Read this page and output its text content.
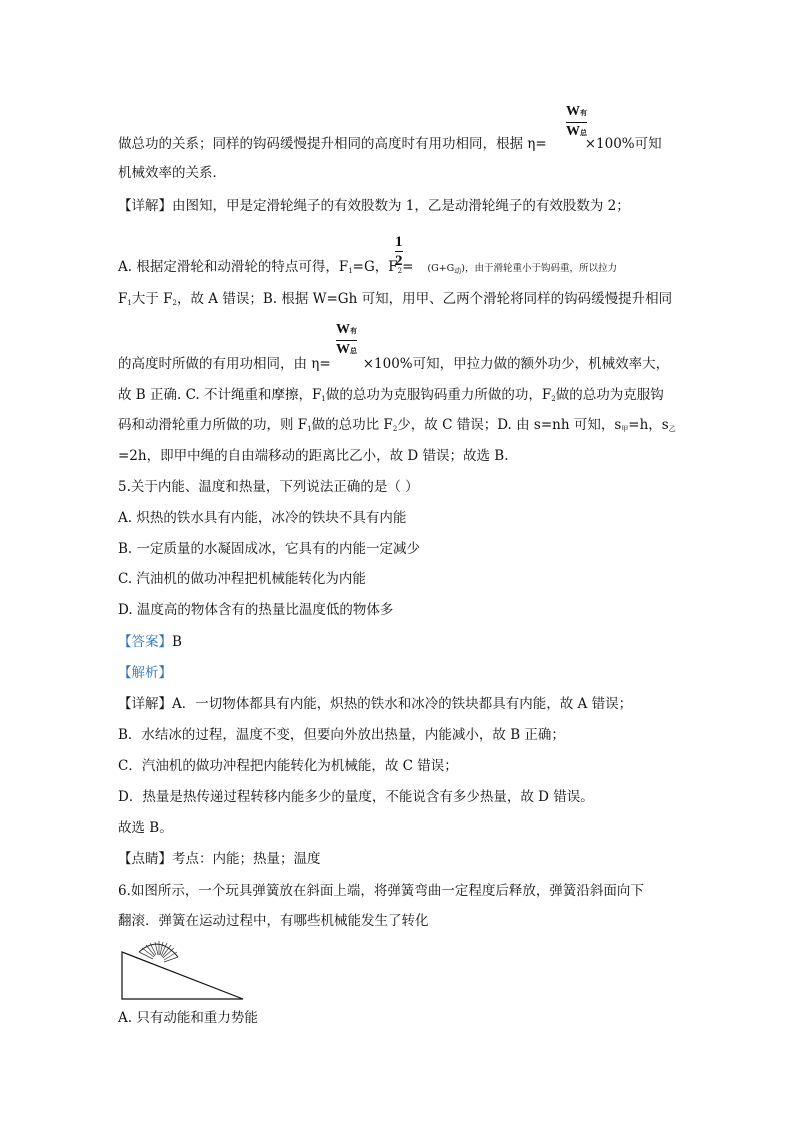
W有
W总
做总功的关系；同样的钩码缓慢提升相同的高度时有用功相同，根据 η=	×100%可知
机械效率的关系．
【详解】由图知，甲是定滑轮绳子的有效股数为 1，乙是动滑轮绳子的有效股数为 2；
1
2
A. 根据定滑轮和动滑轮的特点可得，$F_1=G$，$F_2= (G+G_动)$，由于滑轮重小于钩码重，所以拉力
$F_1$大于 $F_2$，故 A 错误；B. 根据 W=Gh 可知，用甲、乙两个滑轮将同样的钩码缓慢提升相同
W有
W总
的高度时所做的有用功相同，由 η= ×100%可知，甲拉力做的额外功少，机械效率大，
故 B 正确. C. 不计绳重和摩擦，$F_1$做的总功为克服钩码重力所做的功，$F_2$做的总功为克服钩
码和动滑轮重力所做的功，则 $F_1$做的总功比 $F_2$少，故 C 错误；D. 由 s=nh 可知，$s_甲=h$，$s_乙$
=2h，即甲中绳的自由端移动的距离比乙小，故 D 错误；故选 B.
5.关于内能、温度和热量，下列说法正确的是（ ）
A. 炽热的铁水具有内能，冰冷的铁块不具有内能
B. 一定质量的水凝固成冰，它具有的内能一定减少
C. 汽油机的做功冲程把机械能转化为内能
D. 温度高的物体含有的热量比温度低的物体多
【答案】B
【解析】
【详解】A．一切物体都具有内能，炽热的铁水和冰冷的铁块都具有内能，故 A 错误；
B．水结冰的过程，温度不变，但要向外放出热量，内能减小，故 B 正确；
C．汽油机的做功冲程把内能转化为机械能，故 C 错误；
D．热量是热传递过程转移内能多少的量度，不能说含有多少热量，故 D 错误。
故选 B。
【点睛】考点：内能；热量；温度
6.如图所示，一个玩具弹簧放在斜面上端，将弹簧弯曲一定程度后释放，弹簧沿斜面向下
翻滚．弹簧在运动过程中，有哪些机械能发生了转化
A. 只有动能和重力势能
